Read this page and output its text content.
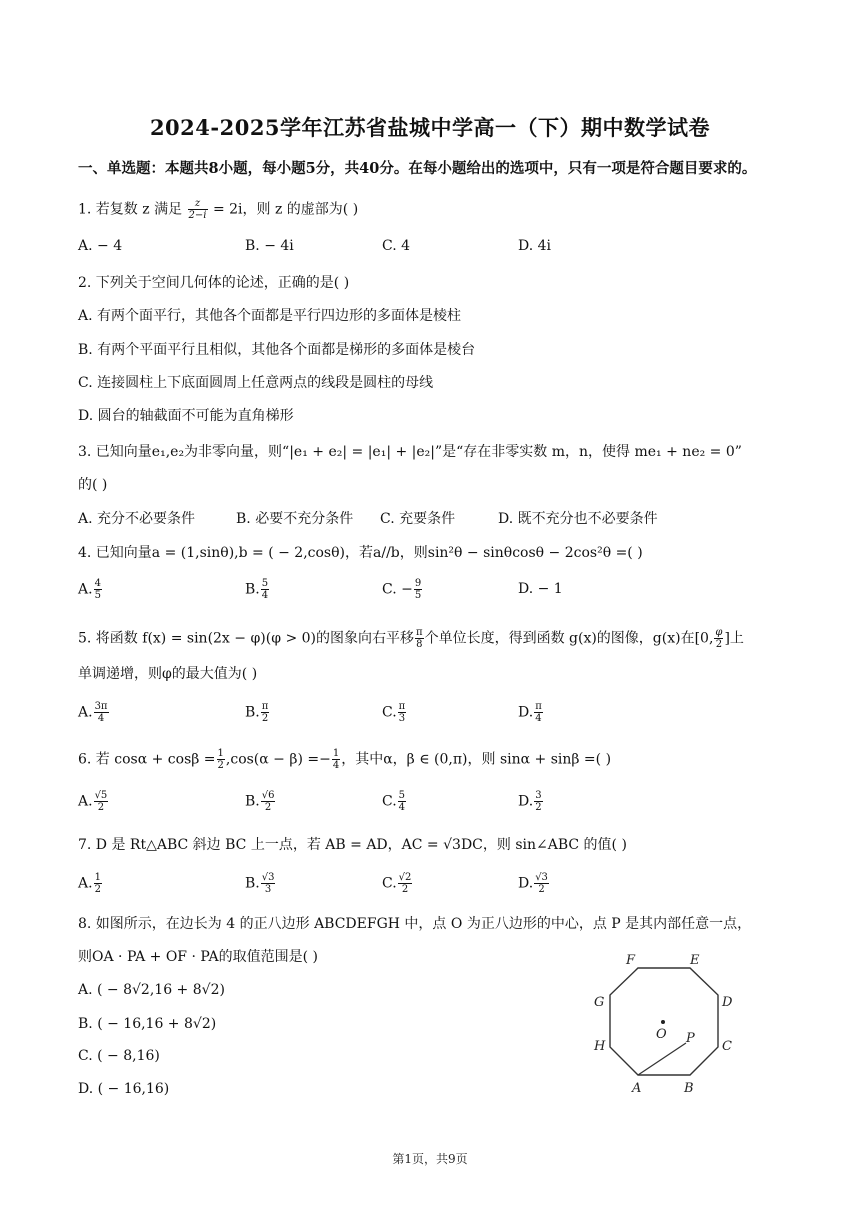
2024-2025学年江苏省盐城中学高一（下）期中数学试卷
一、单选题：本题共8小题，每小题5分，共40分。在每小题给出的选项中，只有一项是符合题目要求的。
1. 若复数 z 满足 $\frac{z}{2-i} = 2i$，则 z 的虚部为( )
A. − 4	B. − 4i	C. 4	D. 4i
2. 下列关于空间几何体的论述，正确的是( )
A. 有两个面平行，其他各个面都是平行四边形的多面体是棱柱
B. 有两个平面平行且相似，其他各个面都是梯形的多面体是棱台
C. 连接圆柱上下底面圆周上任意两点的线段是圆柱的母线
D. 圆台的轴截面不可能为直角梯形
3. 已知向量e₁,e₂为非零向量，则“|e₁ + e₂| = |e₁| + |e₂|”是“存在非零实数 m，n，使得 me₁ + ne₂ = 0”
的( )
A. 充分不必要条件	B. 必要不充分条件 C. 充要条件	D. 既不充分也不必要条件
4. 已知向量a = (1,sinθ),b = ( − 2,cosθ)，若a//b，则sin²θ − sinθcosθ − 2cos²θ =( )
A. $\frac{4}{5}$	B. $\frac{5}{4}$	C. − $\frac{9}{5}$	D. − 1
5. 将函数 f(x) = sin(2x − φ)(φ > 0)的图象向右平移 $\frac{\pi}{8}$ 个单位长度，得到函数 g(x)的图像，g(x)在[0, $\frac{\varphi}{2}$ ]上
单调递增，则φ的最大值为( )
A. $\frac{3\pi}{4}$	B. $\frac{\pi}{2}$	C. $\frac{\pi}{3}$	D. $\frac{\pi}{4}$
6. 若 $\cos\alpha + \cos\beta = \frac{1}{2} ,\cos(\alpha - \beta) =- \frac{1}{4}$ ，其中α，β ∈ (0,π)，则 sinα + sinβ =( )
A. $\frac{√5}{2}$	B. $\frac{√6}{2}$	C. $\frac{5}{4}$	D. $\frac{3}{2}$
7. D 是 Rt△ABC 斜边 BC 上一点，若 AB = AD，AC = √3DC，则 sin∠ABC 的值( )
A. $\frac{1}{2}$	B. $\frac{√3}{3}$	C. $\frac{√2}{2}$	D. $\frac{√3}{2}$
8. 如图所示，在边长为 4 的正八边形 ABCDEFGH 中，点 O 为正八边形的中心，点 P 是其内部任意一点，
则OA · PA + OF · PA的取值范围是( )
A. ( − 8√2,16 + 8√2)
B. ( − 16,16 + 8√2)
C. ( − 8,16)
D. ( − 16,16)	A	B
C
D
E
F
G
H
O P
第1页，共9页
